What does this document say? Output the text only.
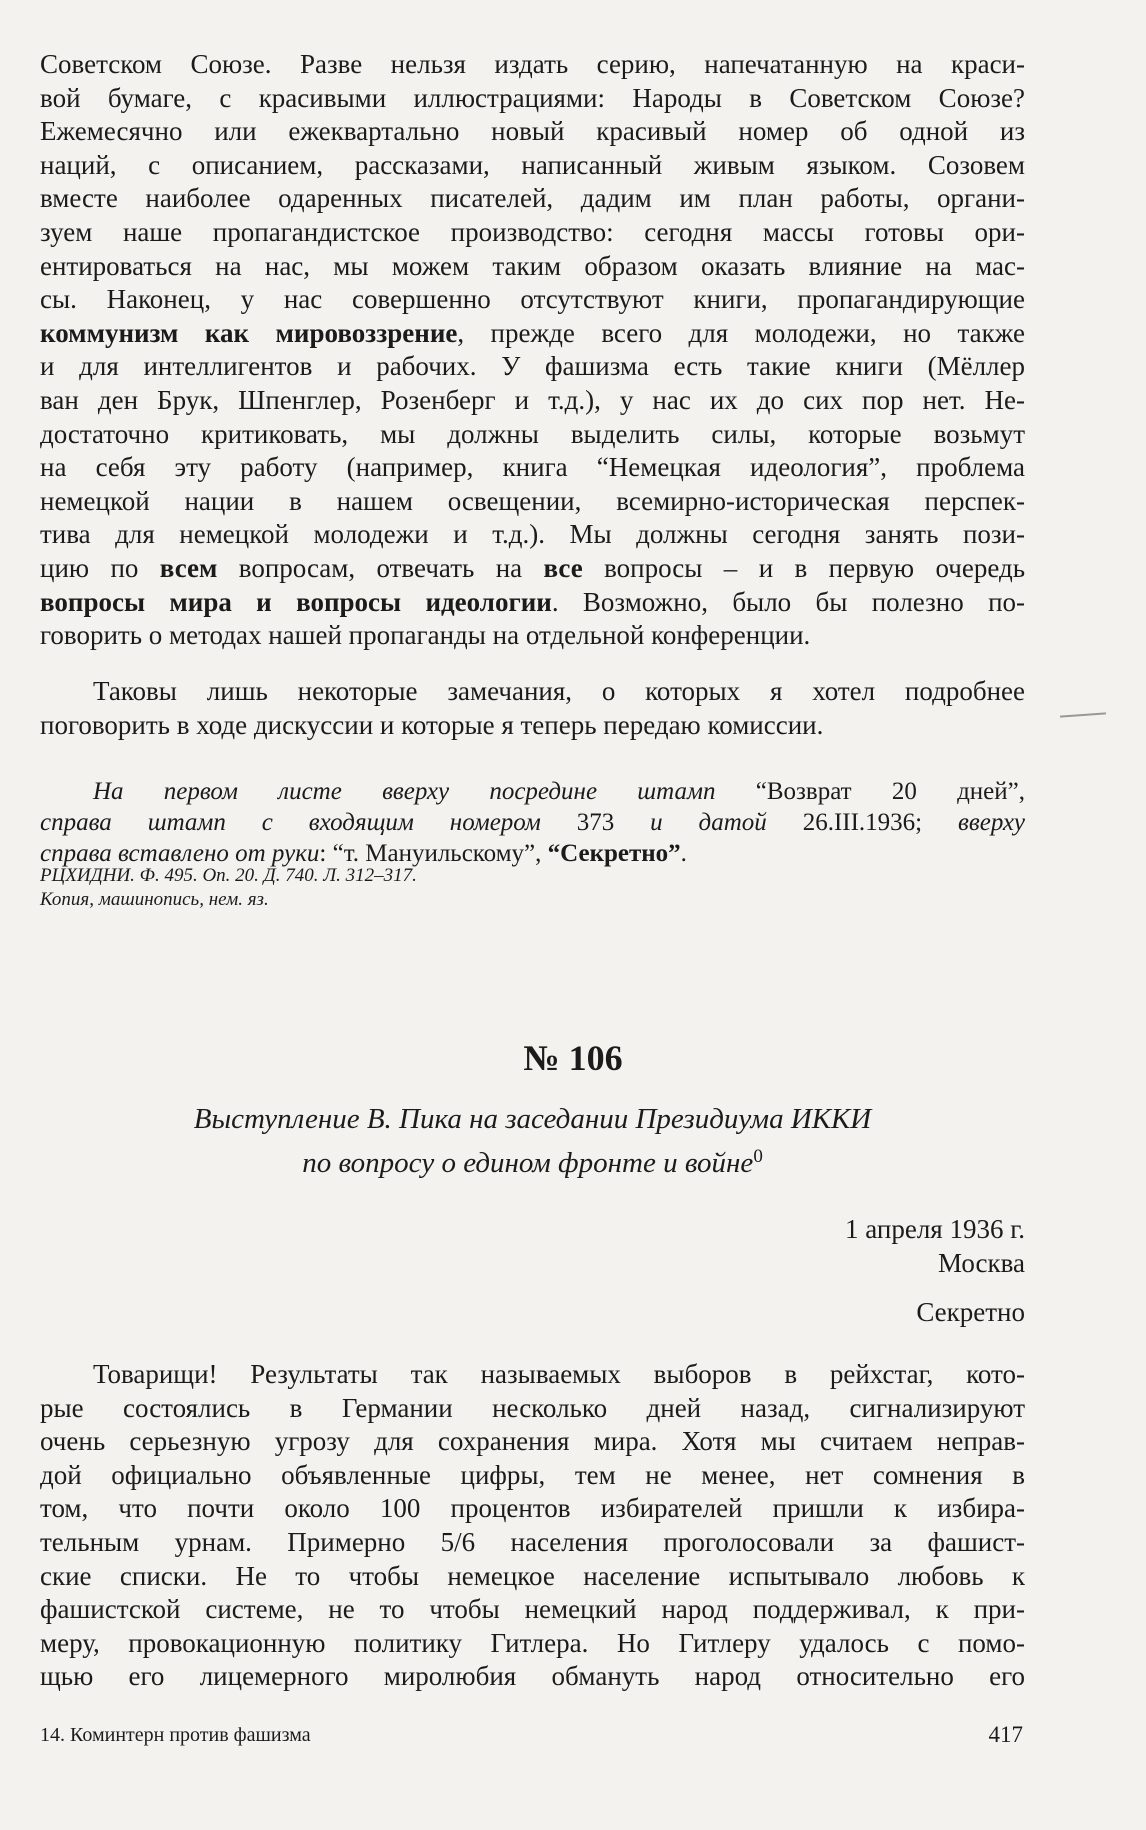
Советском Союзе. Разве нельзя издать серию, напечатанную на краси-

вой бумаге, с красивыми иллюстрациями: Народы в Советском Союзе?

Ежемесячно или ежеквартально новый красивый номер об одной из

наций, с описанием, рассказами, написанный живым языком. Созовем

вместе наиболее одаренных писателей, дадим им план работы, органи-

зуем наше пропагандистское производство: сегодня массы готовы ори-

ентироваться на нас, мы можем таким образом оказать влияние на мас-

сы. Наконец, у нас совершенно отсутствуют книги, пропагандирующие

коммунизм как мировоззрение, прежде всего для молодежи, но также

и для интеллигентов и рабочих. У фашизма есть такие книги (Мёллер

ван ден Брук, Шпенглер, Розенберг и т.д.), у нас их до сих пор нет. Не-

достаточно критиковать, мы должны выделить силы, которые возьмут

на себя эту работу (например, книга “Немецкая идеология”, проблема

немецкой нации в нашем освещении, всемирно-историческая перспек-

тива для немецкой молодежи и т.д.). Мы должны сегодня занять пози-

цию по всем вопросам, отвечать на все вопросы – и в первую очередь

вопросы мира и вопросы идеологии. Возможно, было бы полезно по-

говорить о методах нашей пропаганды на отдельной конференции.

Таковы лишь некоторые замечания, о которых я хотел подробнее

поговорить в ходе дискуссии и которые я теперь передаю комиссии.

На первом листе вверху посредине штамп “Возврат 20 дней”,

справа штамп с входящим номером 373 и датой 26.III.1936; вверху

справа вставлено от руки: “т. Мануильскому”, “Секретно”.

РЦХИДНИ. Ф. 495. Оп. 20. Д. 740. Л. 312–317.

Копия, машинопись, нем. яз.

№ 106
Выступление В. Пика на заседании Президиума ИККИ
по вопросу о едином фронте и войне$^0$
1 апреля 1936 г.
Москва
Секретно

Товарищи! Результаты так называемых выборов в рейхстаг, кото-

рые состоялись в Германии несколько дней назад, сигнализируют

очень серьезную угрозу для сохранения мира. Хотя мы считаем неправ-

дой официально объявленные цифры, тем не менее, нет сомнения в

том, что почти около 100 процентов избирателей пришли к избира-

тельным урнам. Примерно 5/6 населения проголосовали за фашист-

ские списки. Не то чтобы немецкое население испытывало любовь к

фашистской системе, не то чтобы немецкий народ поддерживал, к при-

меру, провокационную политику Гитлера. Но Гитлеру удалось с помо-

щью его лицемерного миролюбия обмануть народ относительно его

14. Коминтерн против фашизма	417
